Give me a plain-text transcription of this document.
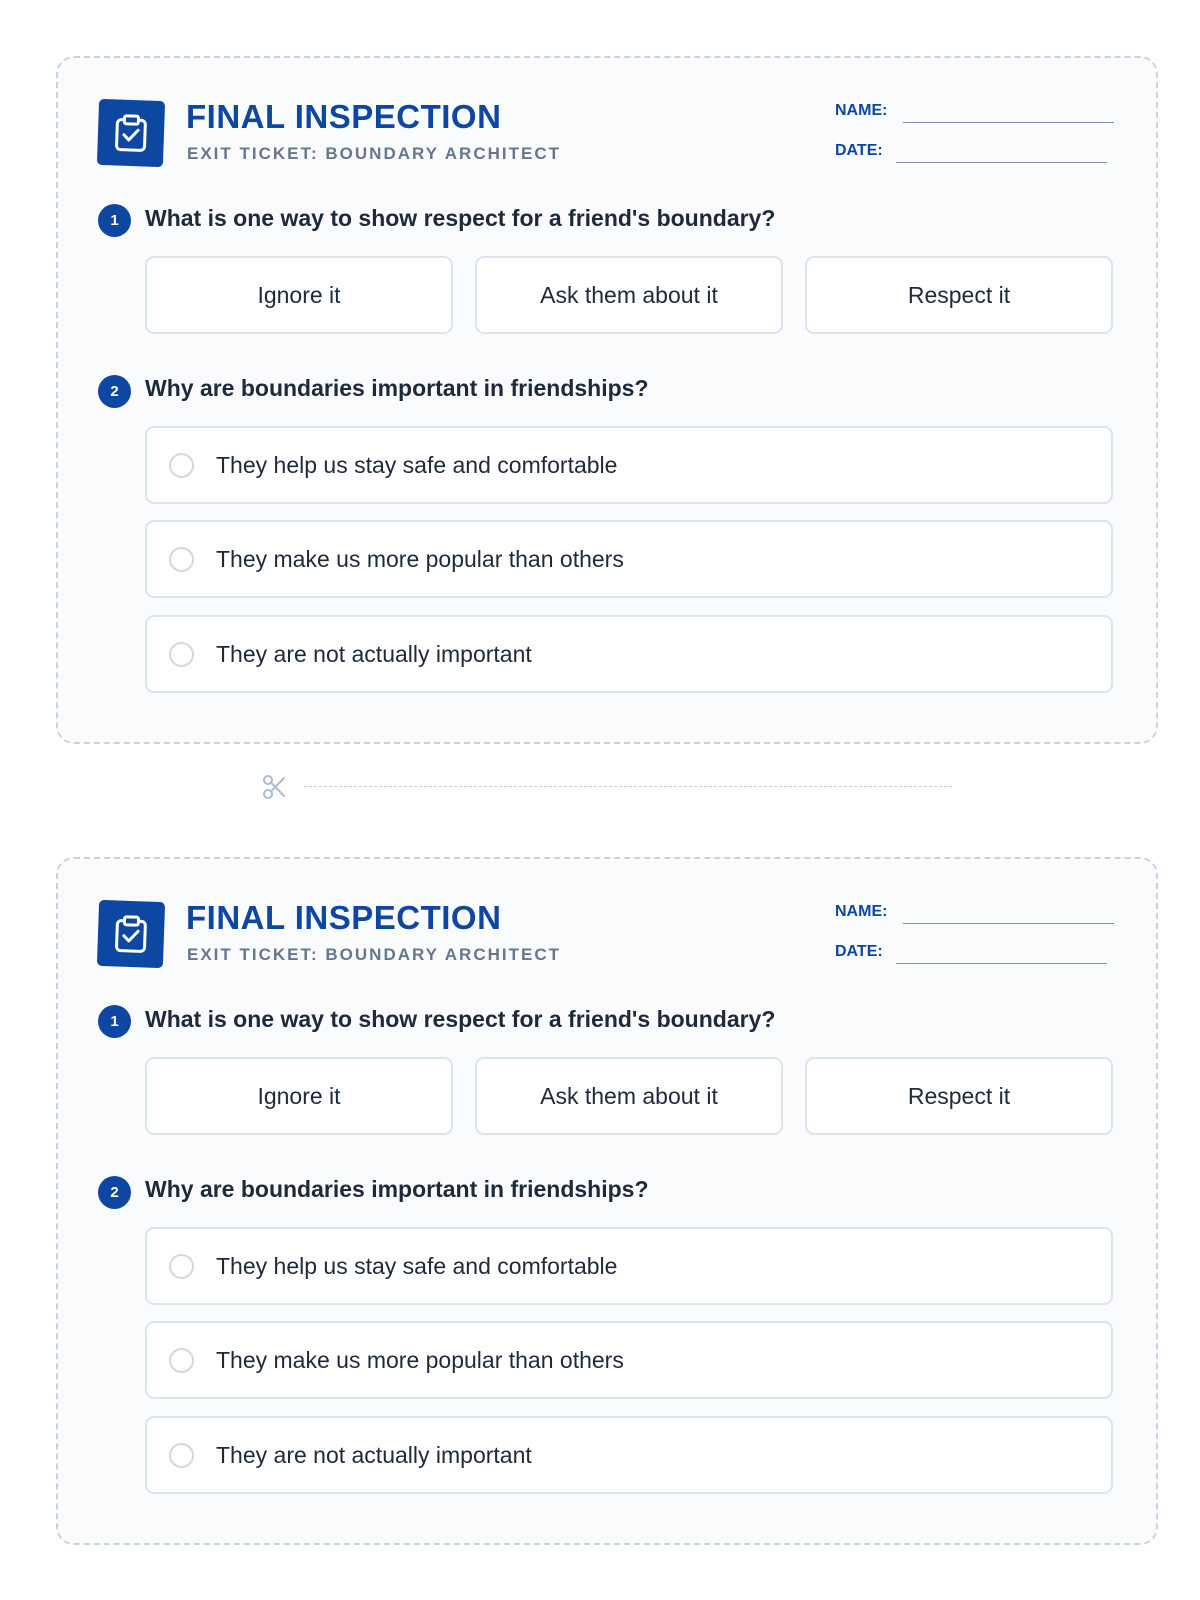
FINAL INSPECTION
EXIT TICKET: BOUNDARY ARCHITECT
NAME:
DATE:
1	What is one way to show respect for a friend's boundary?
Ignore it	Ask them about it	Respect it
2	Why are boundaries important in friendships?
They help us stay safe and comfortable
They make us more popular than others
They are not actually important
FINAL INSPECTION
EXIT TICKET: BOUNDARY ARCHITECT
NAME:
DATE:
1	What is one way to show respect for a friend's boundary?
Ignore it	Ask them about it	Respect it
2	Why are boundaries important in friendships?
They help us stay safe and comfortable
They make us more popular than others
They are not actually important
